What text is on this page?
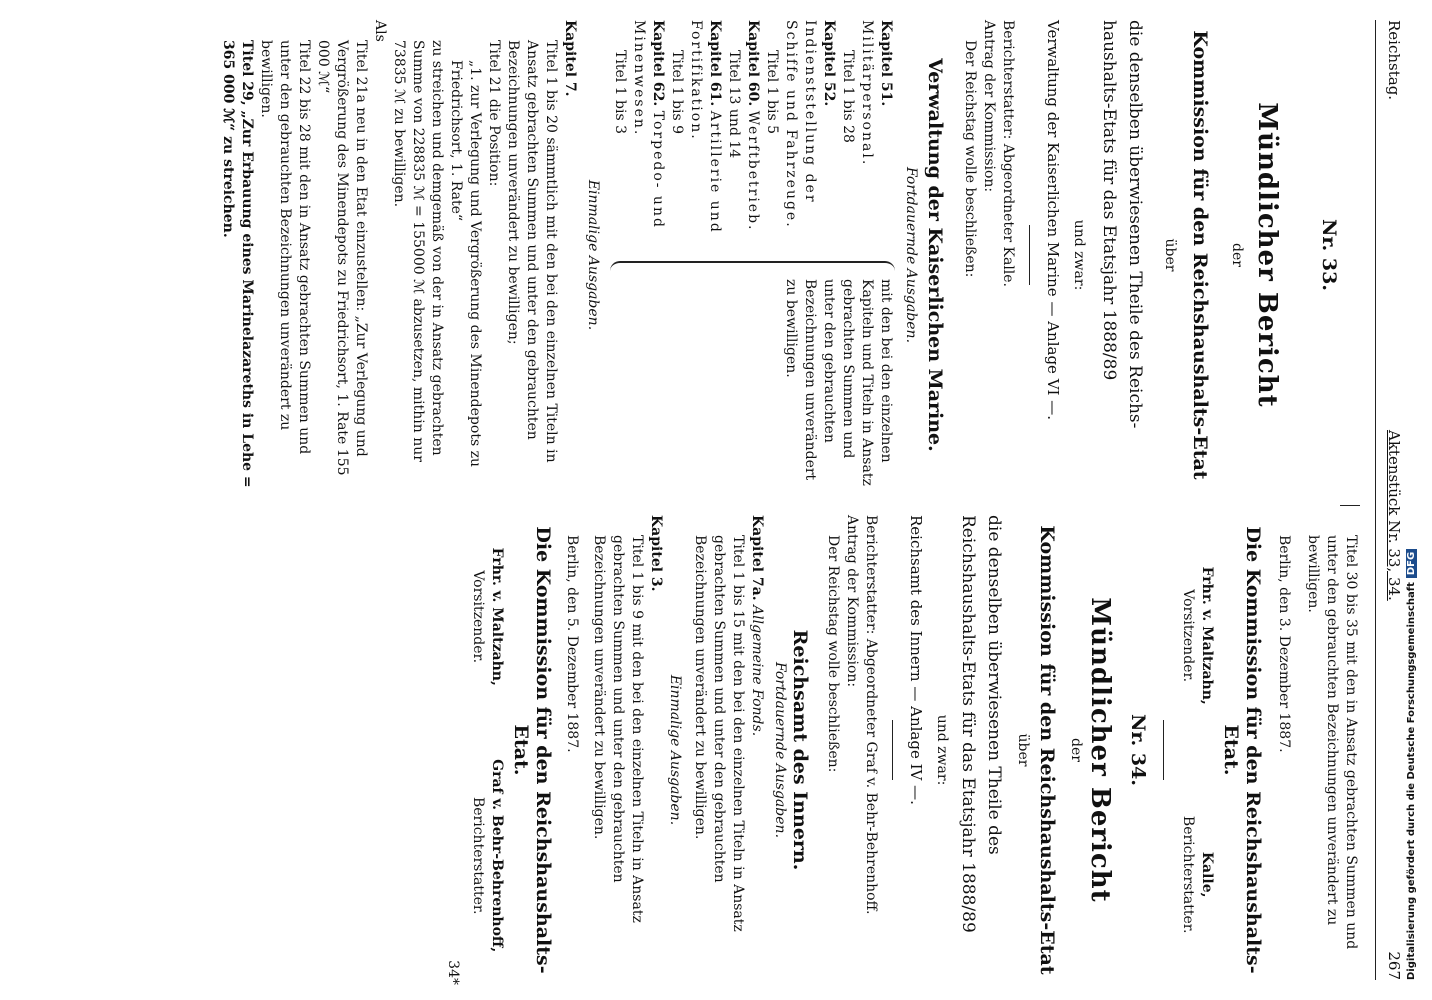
Reichstag.
Aktenstück Nr. 33, 34.
267
Nr. 33.
Mündlicher Bericht
der
Kommission für den Reichshaushalts-Etat
über
die denselben überwiesenen Theile des Reichs-haushalts-Etats für das Etatsjahr 1888/89
und zwar:
Verwaltung der Kaiserlichen Marine — Anlage VI —.
Berichterstatter: Abgeordneter Kalle.
Antrag der Kommission:
Der Reichstag wolle beschließen:
Verwaltung der Kaiserlichen Marine.
Fortdauernde Ausgaben.
Kapitel 51. Militärpersonal.
Titel 1 bis 28
Kapitel 52. Indienststellung der Schiffe und Fahrzeuge.
Titel 1 bis 5
Kapitel 60. Werftbetrieb.
Titel 13 und 14
Kapitel 61. Artillerie und Fortifikation.
Titel 1 bis 9
Kapitel 62. Torpedo- und Minenwesen.
Titel 1 bis 3
mit den bei den einzelnen Kapiteln und Titeln in Ansatz gebrachten Summen und unter den gebrauchten Bezeichnungen unverändert zu bewilligen.
Einmalige Ausgaben.
Kapitel 7.
Titel 1 bis 20 sämmtlich mit den bei den einzelnen Titeln in Ansatz gebrachten Summen und unter den gebrauchten Bezeichnungen unverändert zu bewilligen;
Titel 21 die Position:
„1. zur Verlegung und Vergrößerung des Minendepots zu Friedrichsort, 1. Rate“
zu streichen und demgemäß von der in Ansatz gebrachten Summe von 228835 ℳ = 155000 ℳ abzusetzen, mithin nur 73835 ℳ zu bewilligen.
Als
Titel 21a neu in den Etat einzustellen: „Zur Verlegung und Vergrößerung des Minendepots zu Friedrichsort, 1. Rate 155 000 ℳ“
Titel 22 bis 28 mit den in Ansatz gebrachten Summen und unter den gebrauchten Bezeichnungen unverändert zu bewilligen.
Titel 29, „Zur Erbauung eines Marinelazareths in Lehe = 365 000 ℳ“ zu streichen.
Titel 30 bis 35 mit den in Ansatz gebrachten Summen und unter den gebrauchten Bezeichnungen unverändert zu bewilligen.
Berlin, den 3. Dezember 1887.
Die Kommission für den Reichshaushalts-Etat.
Frhr. v. Maltzahn,
Vorsitzender.
Kalle,
Berichterstatter.
Nr. 34.
Mündlicher Bericht
der
Kommission für den Reichshaushalts-Etat
über
die denselben überwiesenen Theile des Reichshaushalts-Etats für das Etatsjahr 1888/89
und zwar:
Reichsamt des Innern — Anlage IV —.
Berichterstatter: Abgeordneter Graf v. Behr-Behrenhoff.
Antrag der Kommission:
Der Reichstag wolle beschließen:
Reichsamt des Innern.
Fortdauernde Ausgaben.
Kapitel 7a. Allgemeine Fonds.
Titel 1 bis 15 mit den bei den einzelnen Titeln in Ansatz gebrachten Summen und unter den gebrauchten Bezeichnungen unverändert zu bewilligen.
Einmalige Ausgaben.
Kapitel 3.
Titel 1 bis 9 mit den bei den einzelnen Titeln in Ansatz gebrachten Summen und unter den gebrauchten Bezeichnungen unverändert zu bewilligen.
Berlin, den 5. Dezember 1887.
Die Kommission für den Reichshaushalts-Etat.
Frhr. v. Maltzahn,
Vorsitzender.
Graf v. Behr-Behrenhoff,
Berichterstatter.
34*	Digitalisierung gefördert durch die Deutsche ForschungsgemeinschaftDFG
